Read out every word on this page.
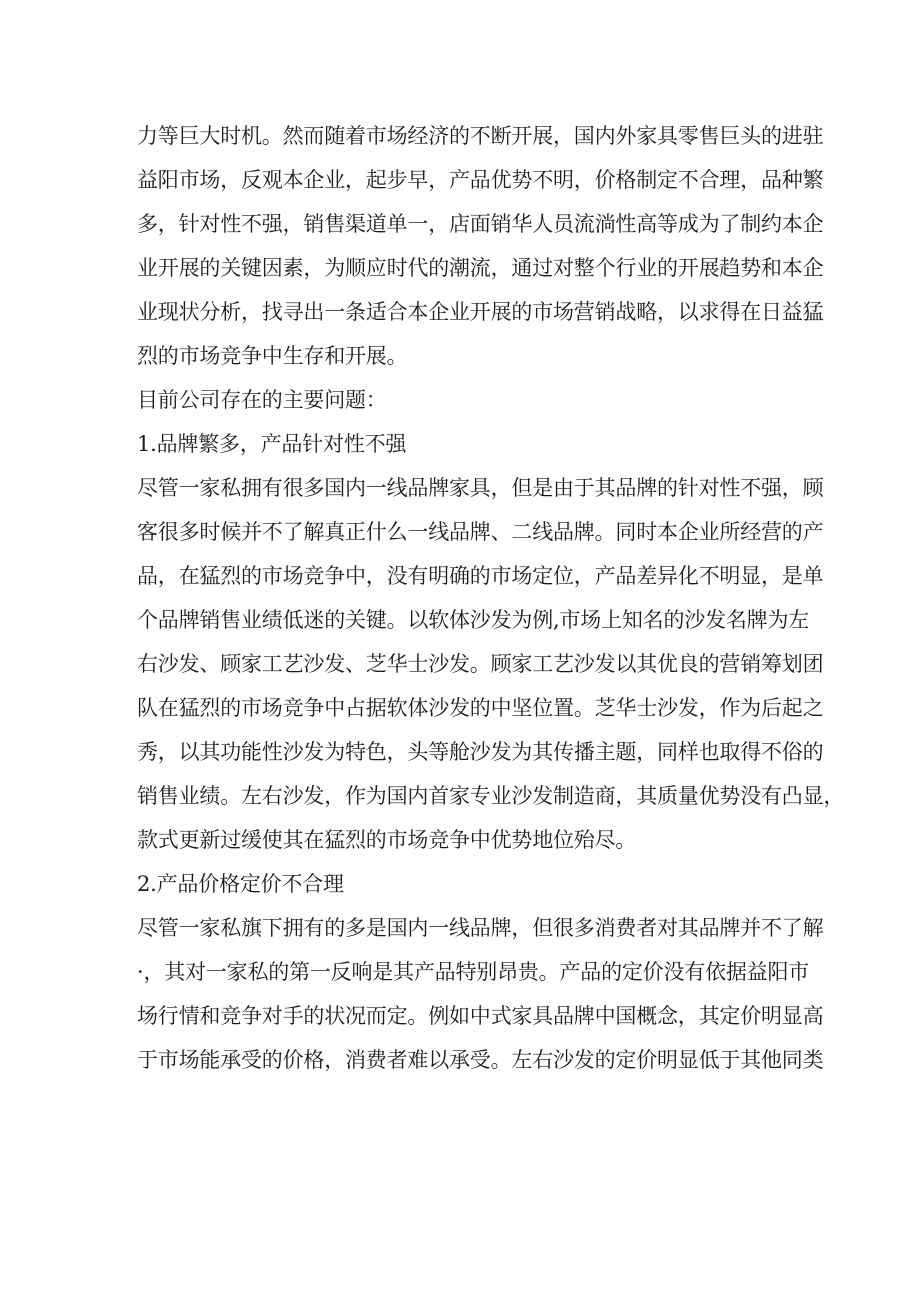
力等巨大时机。然而随着市场经济的不断开展，国内外家具零售巨头的进驻
益阳市场，反观本企业，起步早，产品优势不明，价格制定不合理，品种繁
多，针对性不强，销售渠道单一，店面销华人员流淌性高等成为了制约本企
业开展的关键因素，为顺应时代的潮流，通过对整个行业的开展趋势和本企
业现状分析，找寻出一条适合本企业开展的市场营销战略，以求得在日益猛
烈的市场竞争中生存和开展。
目前公司存在的主要问题：
1.品牌繁多，产品针对性不强
尽管一家私拥有很多国内一线品牌家具，但是由于其品牌的针对性不强，顾
客很多时候并不了解真正什么一线品牌、二线品牌。同时本企业所经营的产
品，在猛烈的市场竞争中，没有明确的市场定位，产品差异化不明显，是单
个品牌销售业绩低迷的关键。以软体沙发为例,市场上知名的沙发名牌为左
右沙发、顾家工艺沙发、芝华士沙发。顾家工艺沙发以其优良的营销筹划团
队在猛烈的市场竞争中占据软体沙发的中坚位置。芝华士沙发，作为后起之
秀，以其功能性沙发为特色，头等舱沙发为其传播主题，同样也取得不俗的
销售业绩。左右沙发，作为国内首家专业沙发制造商，其质量优势没有凸显，
款式更新过缓使其在猛烈的市场竞争中优势地位殆尽。
2.产品价格定价不合理
尽管一家私旗下拥有的多是国内一线品牌，但很多消费者对其品牌并不了解
·，其对一家私的第一反响是其产品特别昂贵。产品的定价没有依据益阳市
场行情和竞争对手的状况而定。例如中式家具品牌中国概念，其定价明显高
于市场能承受的价格，消费者难以承受。左右沙发的定价明显低于其他同类
